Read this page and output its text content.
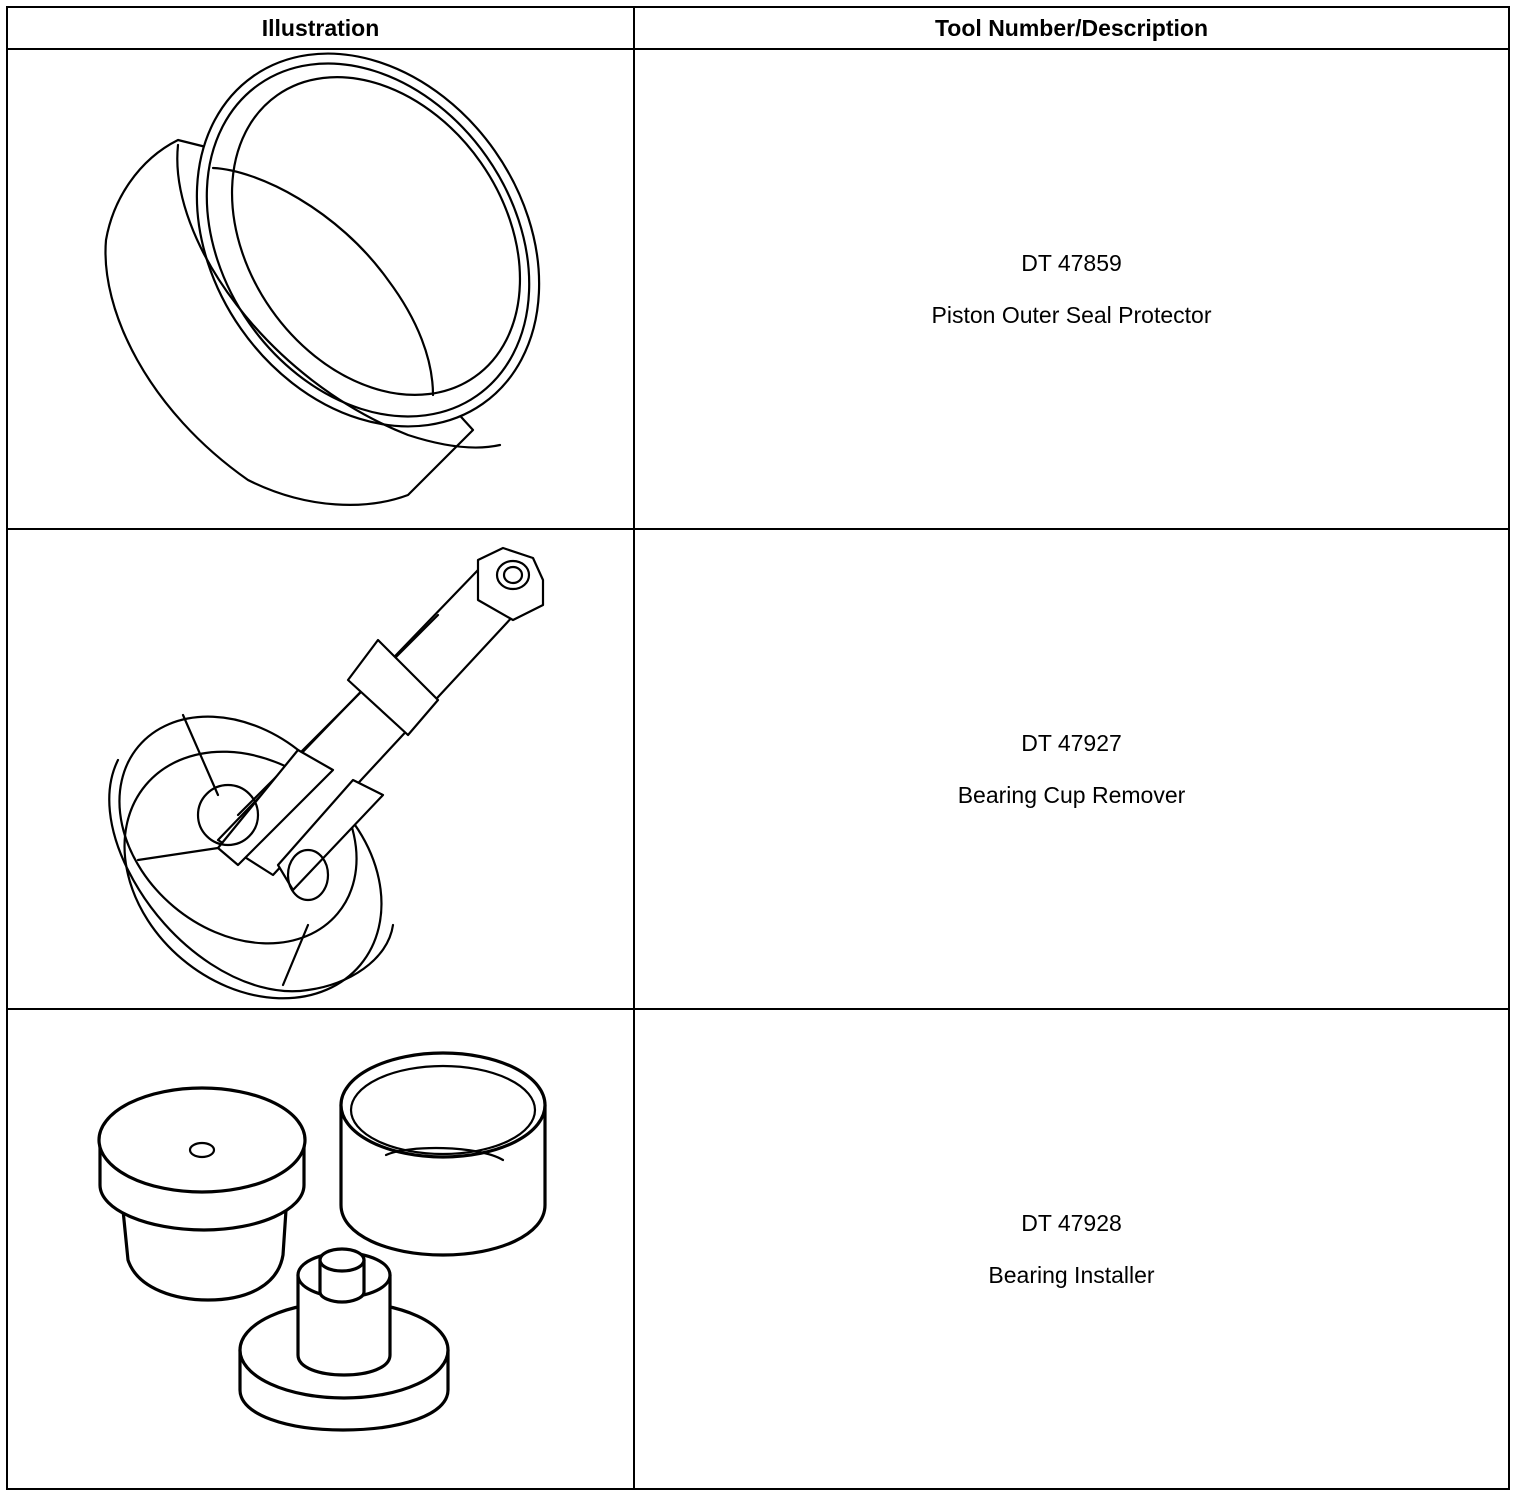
Illustration	Tool Number/Description

DT 47859
Piston Outer Seal Protector

DT 47927
Bearing Cup Remover

DT 47928
Bearing Installer
